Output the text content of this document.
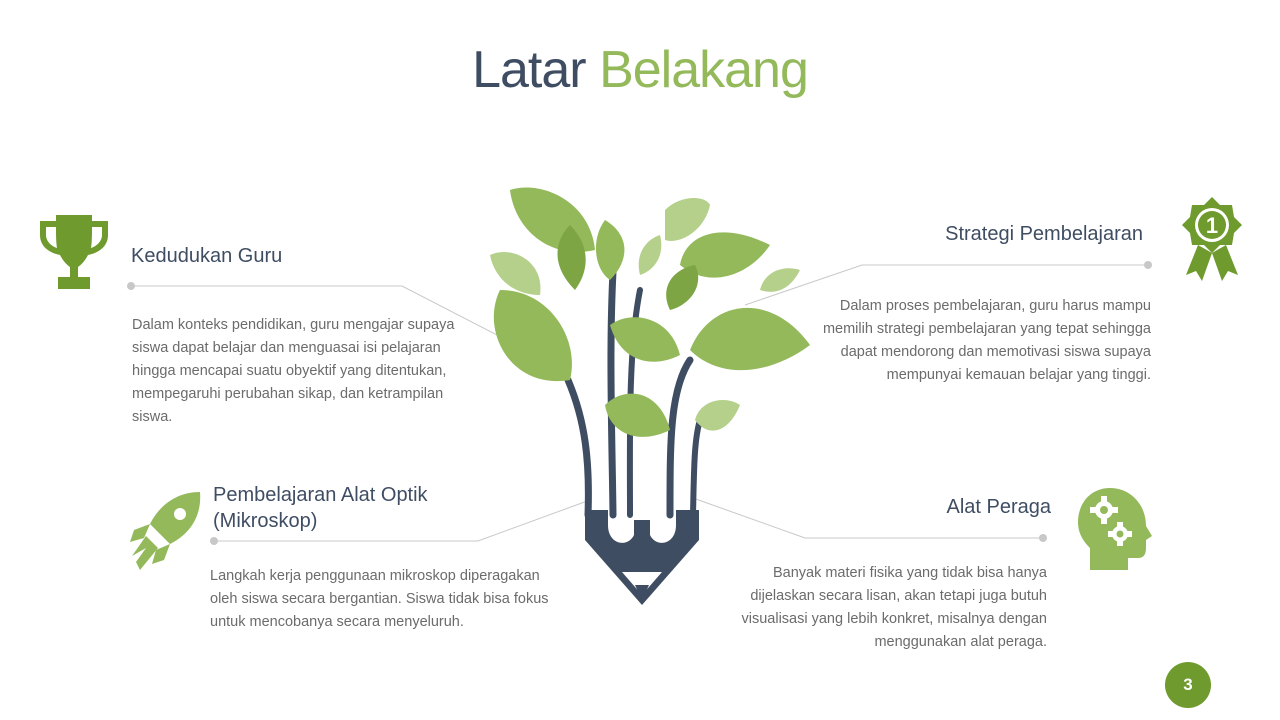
Latar Belakang
Kedudukan Guru
Dalam konteks pendidikan, guru mengajar supaya siswa dapat belajar dan menguasai isi pelajaran hingga mencapai suatu obyektif yang ditentukan, mempegaruhi perubahan sikap, dan ketrampilan siswa.
Strategi Pembelajaran	1
Dalam proses pembelajaran, guru harus mampu memilih strategi pembelajaran yang tepat sehingga dapat mendorong dan memotivasi siswa supaya mempunyai kemauan belajar yang tinggi.
Pembelajaran Alat Optik
(Mikroskop)
Langkah kerja penggunaan mikroskop diperagakan oleh siswa secara bergantian. Siswa tidak bisa fokus untuk mencobanya secara menyeluruh.
Alat Peraga
Banyak materi fisika yang tidak bisa hanya dijelaskan secara lisan, akan tetapi juga butuh visualisasi yang lebih konkret, misalnya dengan menggunakan alat peraga.
3
